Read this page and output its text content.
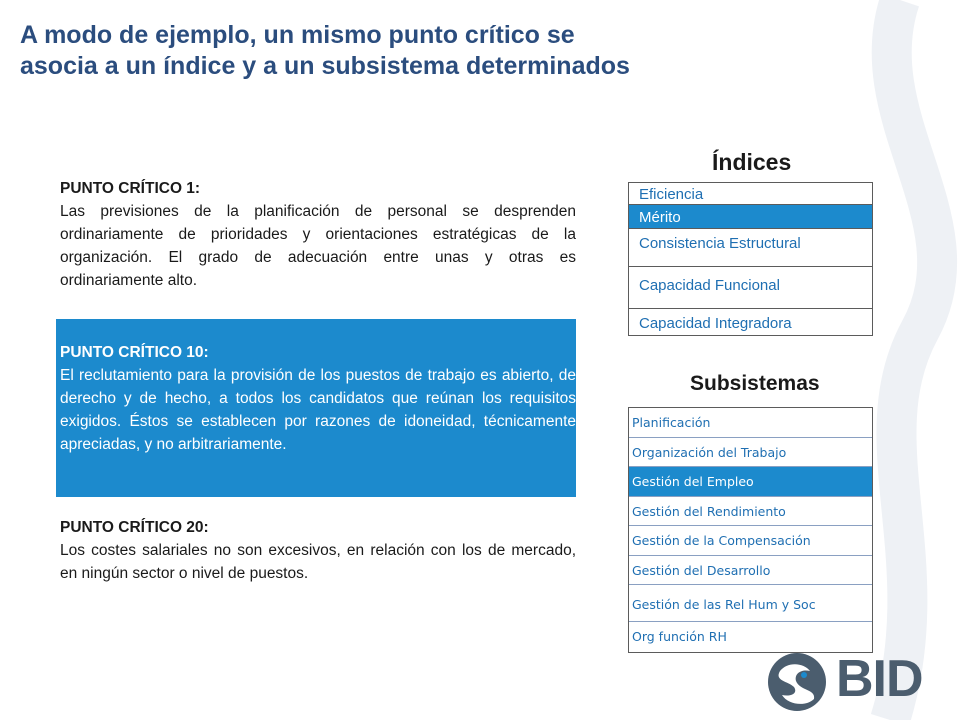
A modo de ejemplo, un mismo punto crítico se asocia a un índice y a un subsistema determinados
PUNTO CRÍTICO 1:
Las previsiones de la planificación de personal se desprenden ordinariamente de prioridades y orientaciones estratégicas de la organización. El grado de adecuación entre unas y otras es ordinariamente alto.
PUNTO CRÍTICO 10:
El reclutamiento para la provisión de los puestos de trabajo es abierto, de derecho y de hecho, a todos los candidatos que reúnan los requisitos exigidos. Éstos se establecen por razones de idoneidad, técnicamente apreciadas, y no arbitrariamente.
PUNTO CRÍTICO 20:
Los costes salariales no son excesivos, en relación con los de mercado, en ningún sector o nivel de puestos.
Índices
Eficiencia
Mérito
Consistencia Estructural
Capacidad Funcional
Capacidad Integradora
Subsistemas
Planificación
Organización del Trabajo
Gestión del Empleo
Gestión del Rendimiento
Gestión de la Compensación
Gestión del Desarrollo
Gestión de las Rel Hum y Soc
Org función RH
BID
